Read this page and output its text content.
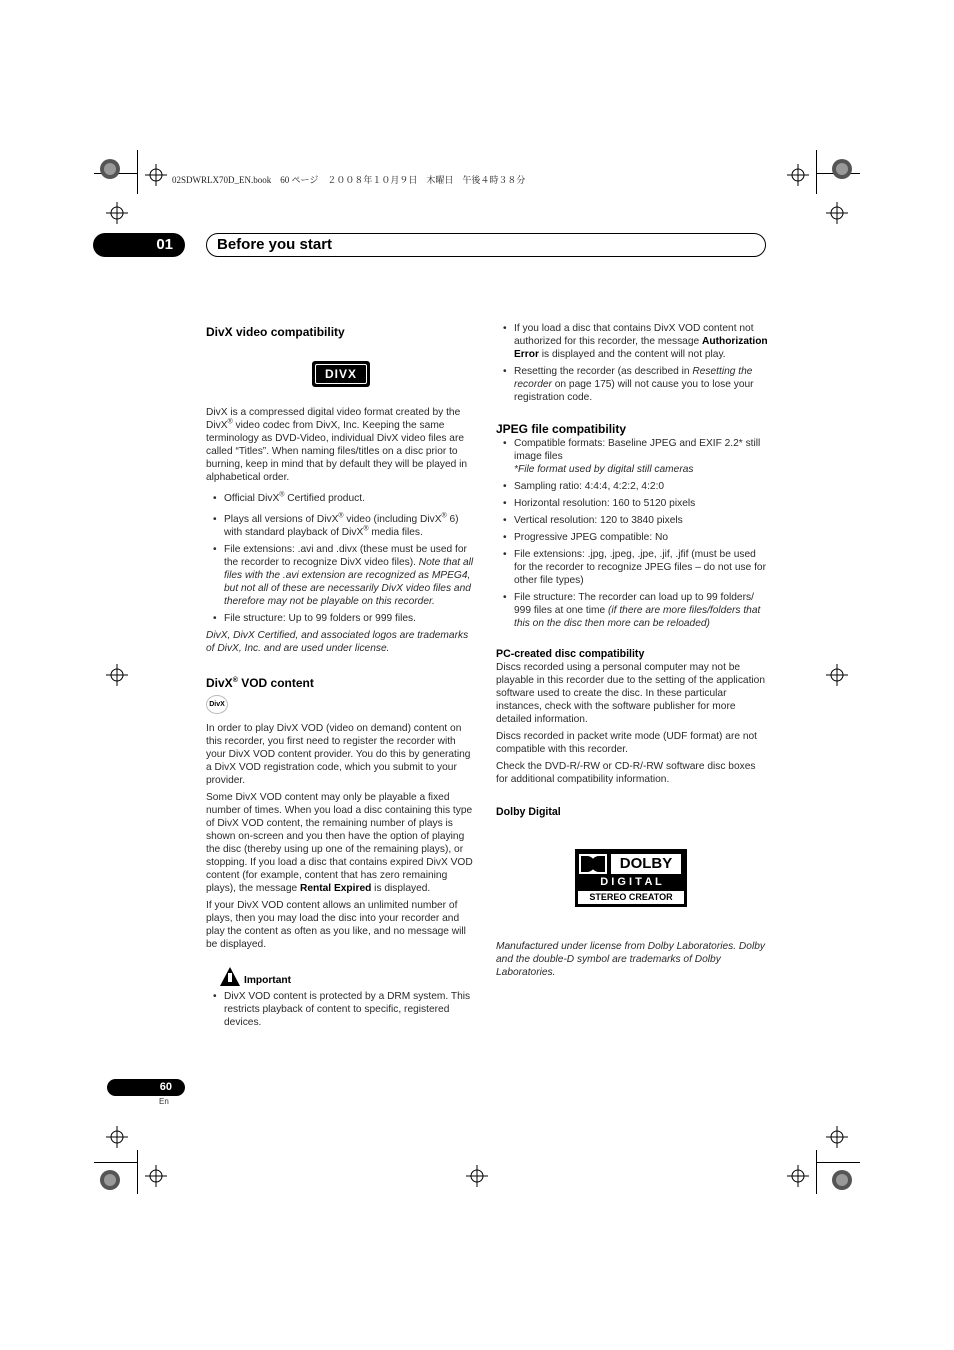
02SDWRLX70D_EN.book　60 ページ　２００８年１０月９日　木曜日　午後４時３８分
01	Before you start
DivX video compatibility
DIVX

DivX is a compressed digital video format created by the DivX® video codec from DivX, Inc. Keeping the same terminology as DVD-Video, individual DivX video files are called “Titles”. When naming files/titles on a disc prior to burning, keep in mind that by default they will be played in alphabetical order.

• Official DivX® Certified product.
• Plays all versions of DivX® video (including DivX® 6) with standard playback of DivX® media files.
• File extensions: .avi and .divx (these must be used for the recorder to recognize DivX video files). Note that all files with the .avi extension are recognized as MPEG4, but not all of these are necessarily DivX video files and therefore may not be playable on this recorder.
• File structure: Up to 99 folders or 999 files.

DivX, DivX Certified, and associated logos are trademarks of DivX, Inc. and are used under license.

DivX® VOD content
DivX

In order to play DivX VOD (video on demand) content on this recorder, you first need to register the recorder with your DivX VOD content provider. You do this by generating a DivX VOD registration code, which you submit to your provider.

Some DivX VOD content may only be playable a fixed number of times. When you load a disc containing this type of DivX VOD content, the remaining number of plays is shown on-screen and you then have the option of playing the disc (thereby using up one of the remaining plays), or stopping. If you load a disc that contains expired DivX VOD content (for example, content that has zero remaining plays), the message Rental Expired is displayed.

If your DivX VOD content allows an unlimited number of plays, then you may load the disc into your recorder and play the content as often as you like, and no message will be displayed.

Important
• DivX VOD content is protected by a DRM system. This restricts playback of content to specific, registered devices.
• If you load a disc that contains DivX VOD content not authorized for this recorder, the message Authorization Error is displayed and the content will not play.
• Resetting the recorder (as described in Resetting the recorder on page 175) will not cause you to lose your registration code.
JPEG file compatibility
• Compatible formats: Baseline JPEG and EXIF 2.2* still image files
*File format used by digital still cameras
• Sampling ratio: 4:4:4, 4:2:2, 4:2:0
• Horizontal resolution: 160 to 5120 pixels
• Vertical resolution: 120 to 3840 pixels
• Progressive JPEG compatible: No
• File extensions: .jpg, .jpeg, .jpe, .jif, .jfif (must be used for the recorder to recognize JPEG files – do not use for other file types)
• File structure: The recorder can load up to 99 folders/ 999 files at one time (if there are more files/folders that this on the disc then more can be reloaded)
PC-created disc compatibility

Discs recorded using a personal computer may not be playable in this recorder due to the setting of the application software used to create the disc. In these particular instances, check with the software publisher for more detailed information.

Discs recorded in packet write mode (UDF format) are not compatible with this recorder.

Check the DVD-R/-RW or CD-R/-RW software disc boxes for additional compatibility information.

Dolby Digital
DOLBY
D I G I T A L
STEREO CREATOR

Manufactured under license from Dolby Laboratories. Dolby and the double-D symbol are trademarks of Dolby Laboratories.

60
En
